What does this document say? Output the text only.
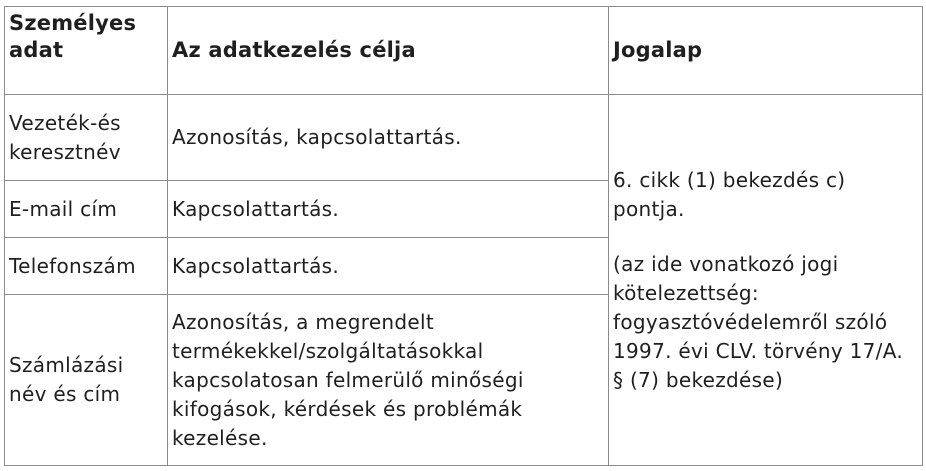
Személyes adat	Az adatkezelés célja	Jogalap
Vezeték-és keresztnév	Azonosítás, kapcsolattartás.	6. cikk (1) bekezdés c) pontja.

(az ide vonatkozó jogi kötelezettség: fogyasztóvédelemről szóló 1997. évi CLV. törvény 17/A. § (7) bekezdése)

E-mail cím	Kapcsolattartás.	
Telefonszám	Kapcsolattartás.	
Számlázási név és cím	Azonosítás, a megrendelt termékekkel/szolgáltatásokkal kapcsolatosan felmerülő minőségi kifogások, kérdések és problémák kezelése.	
